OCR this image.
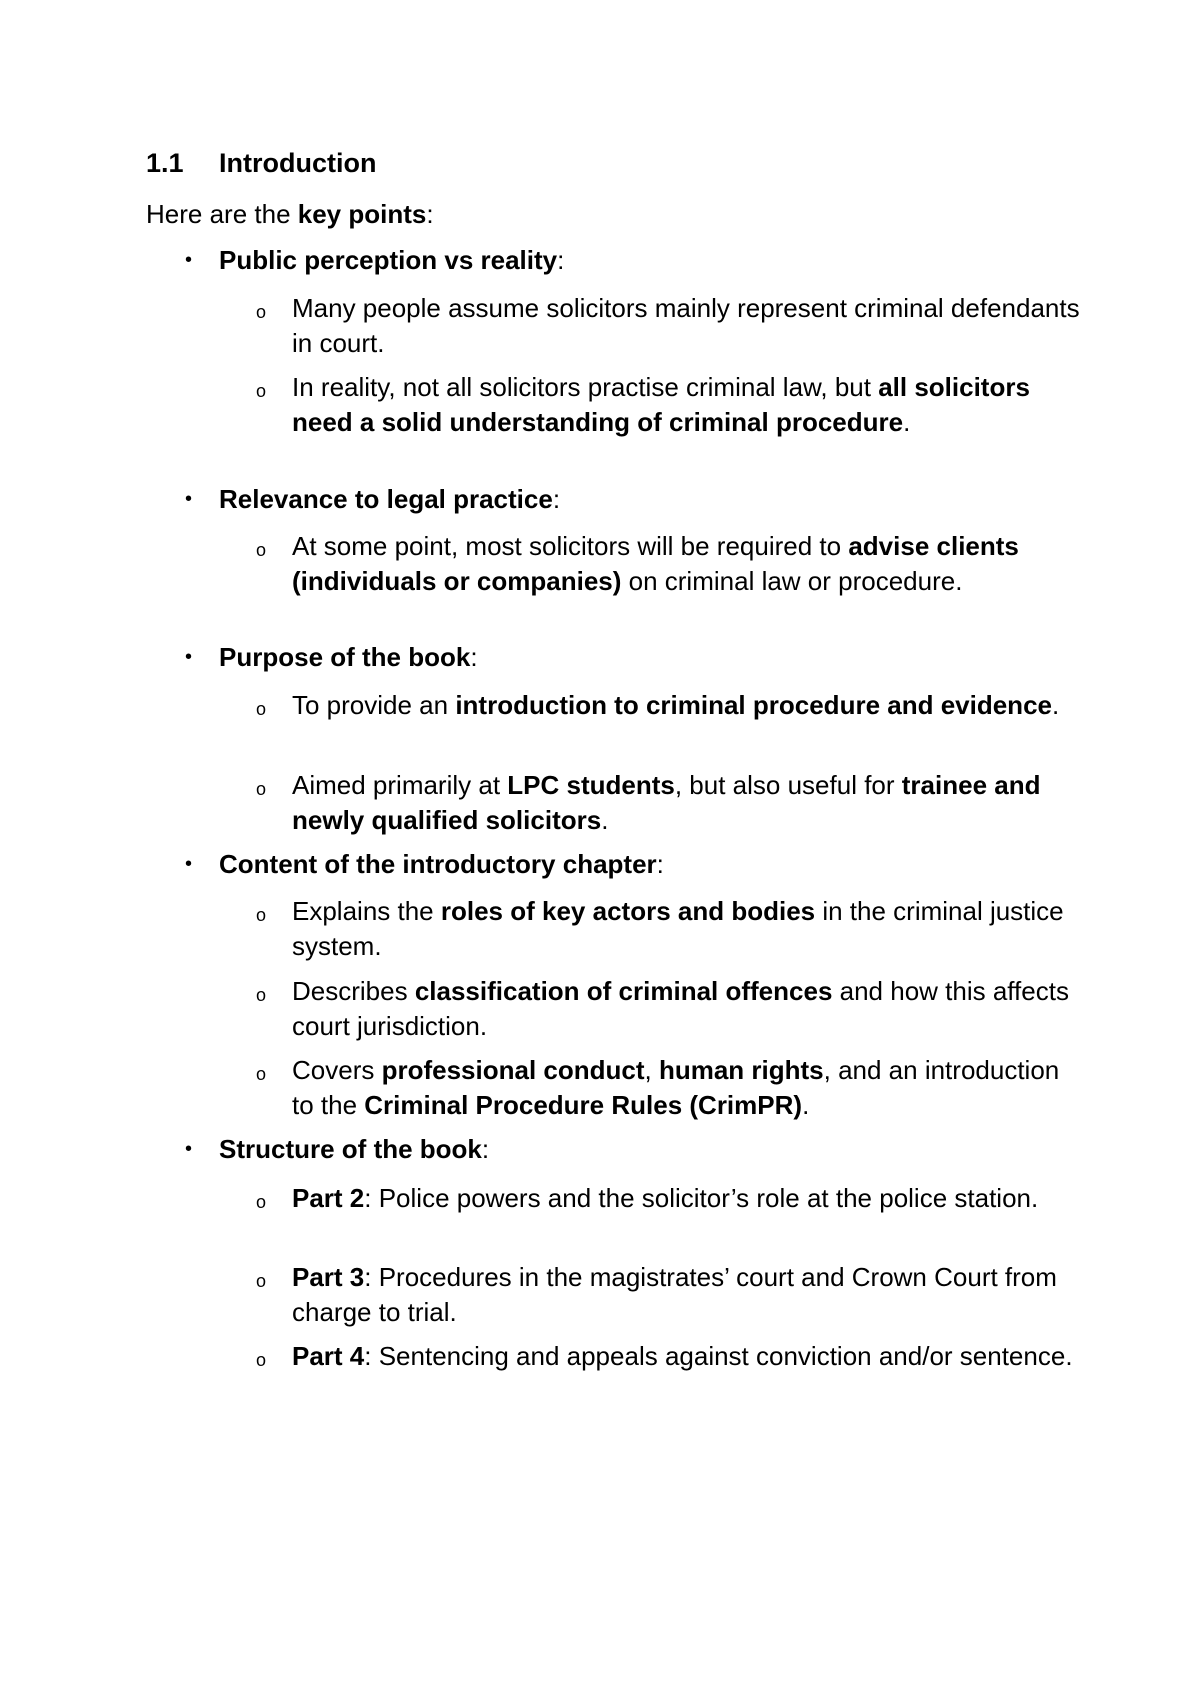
1.1 Introduction

Here are the key points:

• Public perception vs reality:

o Many people assume solicitors mainly represent criminal defendants in court.

o In reality, not all solicitors practise criminal law, but all solicitors need a solid understanding of criminal procedure.

• Relevance to legal practice:

o At some point, most solicitors will be required to advise clients (individuals or companies) on criminal law or procedure.

• Purpose of the book:

o To provide an introduction to criminal procedure and evidence.

o Aimed primarily at LPC students, but also useful for trainee and newly qualified solicitors.

• Content of the introductory chapter:

o Explains the roles of key actors and bodies in the criminal justice system.

o Describes classification of criminal offences and how this affects court jurisdiction.

o Covers professional conduct, human rights, and an introduction to the Criminal Procedure Rules (CrimPR).

• Structure of the book:

o Part 2: Police powers and the solicitor’s role at the police station.

o Part 3: Procedures in the magistrates’ court and Crown Court from charge to trial.

o Part 4: Sentencing and appeals against conviction and/or sentence.
